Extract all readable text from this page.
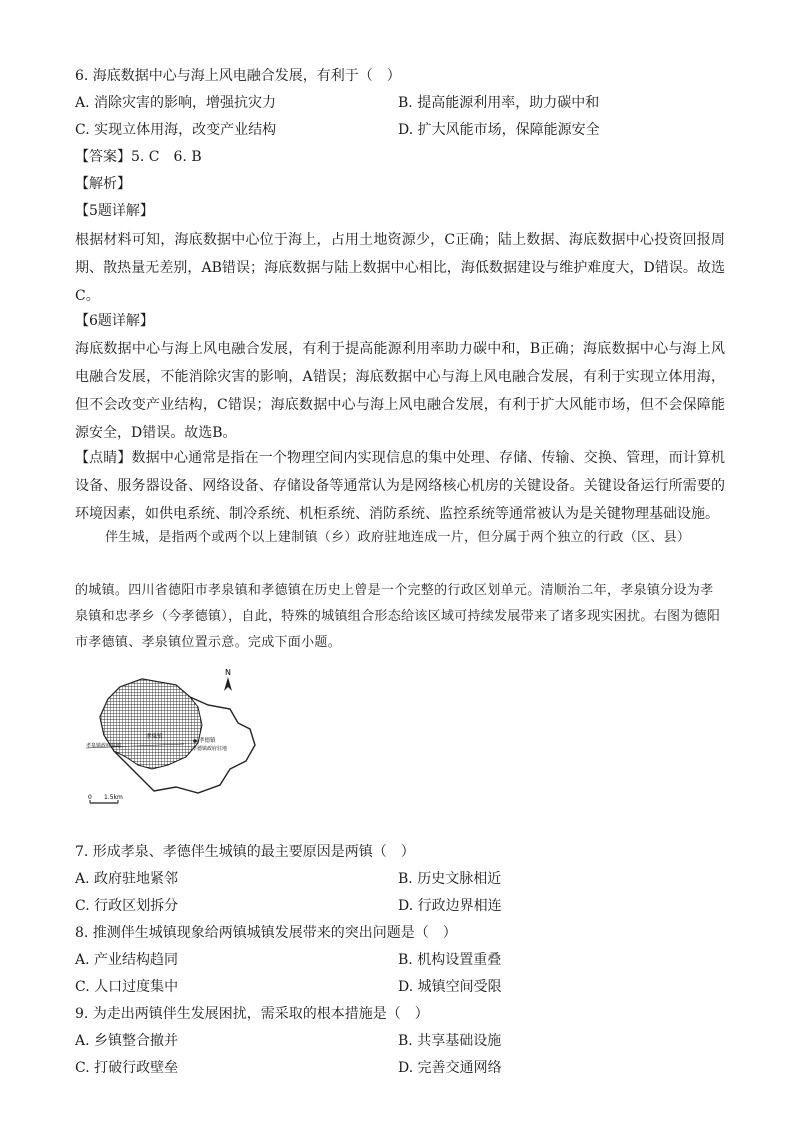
6. 海底数据中心与海上风电融合发展，有利于（　）
A. 消除灾害的影响，增强抗灾力	B. 提高能源利用率，助力碳中和
C. 实现立体用海，改变产业结构	D. 扩大风能市场，保障能源安全
【答案】5. C　6. B
【解析】
【5题详解】
根据材料可知，海底数据中心位于海上，占用土地资源少，C正确；陆上数据、海底数据中心投资回报周期、散热量无差别，AB错误；海底数据与陆上数据中心相比，海低数据建设与维护难度大，D错误。故选C。
【6题详解】
海底数据中心与海上风电融合发展，有利于提高能源利用率助力碳中和，B正确；海底数据中心与海上风电融合发展，不能消除灾害的影响，A错误；海底数据中心与海上风电融合发展，有利于实现立体用海，但不会改变产业结构，C错误；海底数据中心与海上风电融合发展，有利于扩大风能市场，但不会保障能源安全，D错误。故选B。
【点睛】数据中心通常是指在一个物理空间内实现信息的集中处理、存储、传输、交换、管理，而计算机设备、服务器设备、网络设备、存储设备等通常认为是网络核心机房的关键设备。关键设备运行所需要的环境因素，如供电系统、制冷系统、机柜系统、消防系统、监控系统等通常被认为是关键物理基础设施。
伴生城，是指两个或两个以上建制镇（乡）政府驻地连成一片，但分属于两个独立的行政（区、县）
的城镇。四川省德阳市孝泉镇和孝德镇在历史上曾是一个完整的行政区划单元。清顺治二年，孝泉镇分设为孝泉镇和忠孝乡（今孝德镇），自此，特殊的城镇组合形态给该区域可持续发展带来了诸多现实困扰。右图为德阳市孝德镇、孝泉镇位置示意。完成下面小题。
N
孝泉镇
孝德镇
孝德镇政府驻地
孝泉镇政府驻地
0 1.5km
7. 形成孝泉、孝德伴生城镇的最主要原因是两镇（　）
A. 政府驻地紧邻	B. 历史文脉相近
C. 行政区划拆分	D. 行政边界相连
8. 推测伴生城镇现象给两镇城镇发展带来的突出问题是（　）
A. 产业结构趋同	B. 机构设置重叠
C. 人口过度集中	D. 城镇空间受限
9. 为走出两镇伴生发展困扰，需采取的根本措施是（　）
A. 乡镇整合撤并	B. 共享基础设施
C. 打破行政壁垒	D. 完善交通网络
